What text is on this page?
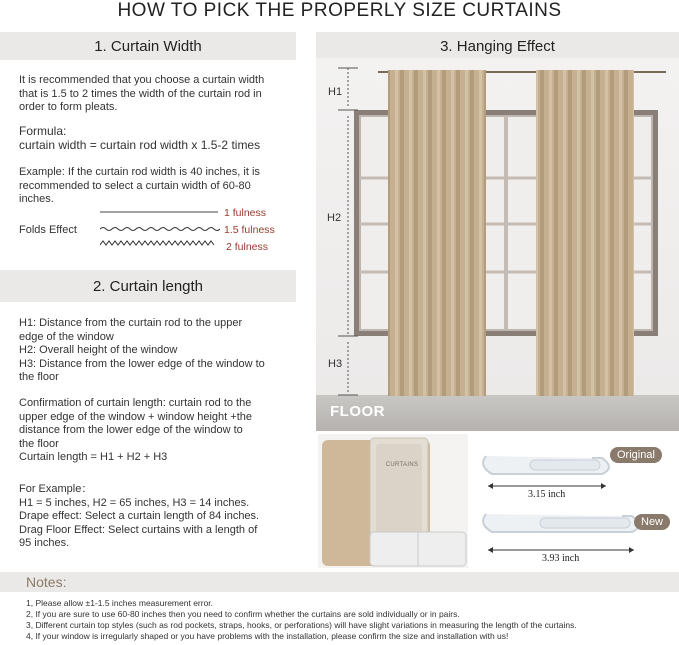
HOW TO PICK THE PROPERLY SIZE CURTAINS
1. Curtain Width	3. Hanging Effect

It is recommended that you choose a curtain width

that is 1.5 to 2 times the width of the curtain rod in

order to form pleats.

Formula:

curtain width = curtain rod width x 1.5-2 times

Example: If the curtain rod width is 40 inches, it is

recommended to select a curtain width of 60-80

inches.

Folds Effect
1 fulness
1.5 fulness
2 fulness
2. Curtain length

H1: Distance from the curtain rod to the upper

edge of the window

H2: Overall height of the window

H3: Distance from the lower edge of the window to

the floor

Confirmation of curtain length: curtain rod to the

upper edge of the window + window height +the

distance from the lower edge of the window to

the floor

Curtain length = H1 + H2 + H3

For Example：

H1 = 5 inches, H2 = 65 inches, H3 = 14 inches.

Drape effect: Select a curtain length of 84 inches.

Drag Floor Effect: Select curtains with a length of

95 inches.

H1
H2
H3
FLOOR
CURTAINS
Original
New
3.15 inch
3.93 inch
Notes:

1, Please allow ±1-1.5 inches measurement error.

2, If you are sure to use 60-80 inches then you need to confirm whether the curtains are sold individually or in pairs.

3, Different curtain top styles (such as rod pockets, straps, hooks, or perforations) will have slight variations in measuring the length of the curtains.

4, If your window is irregularly shaped or you have problems with the installation, please confirm the size and installation with us!
